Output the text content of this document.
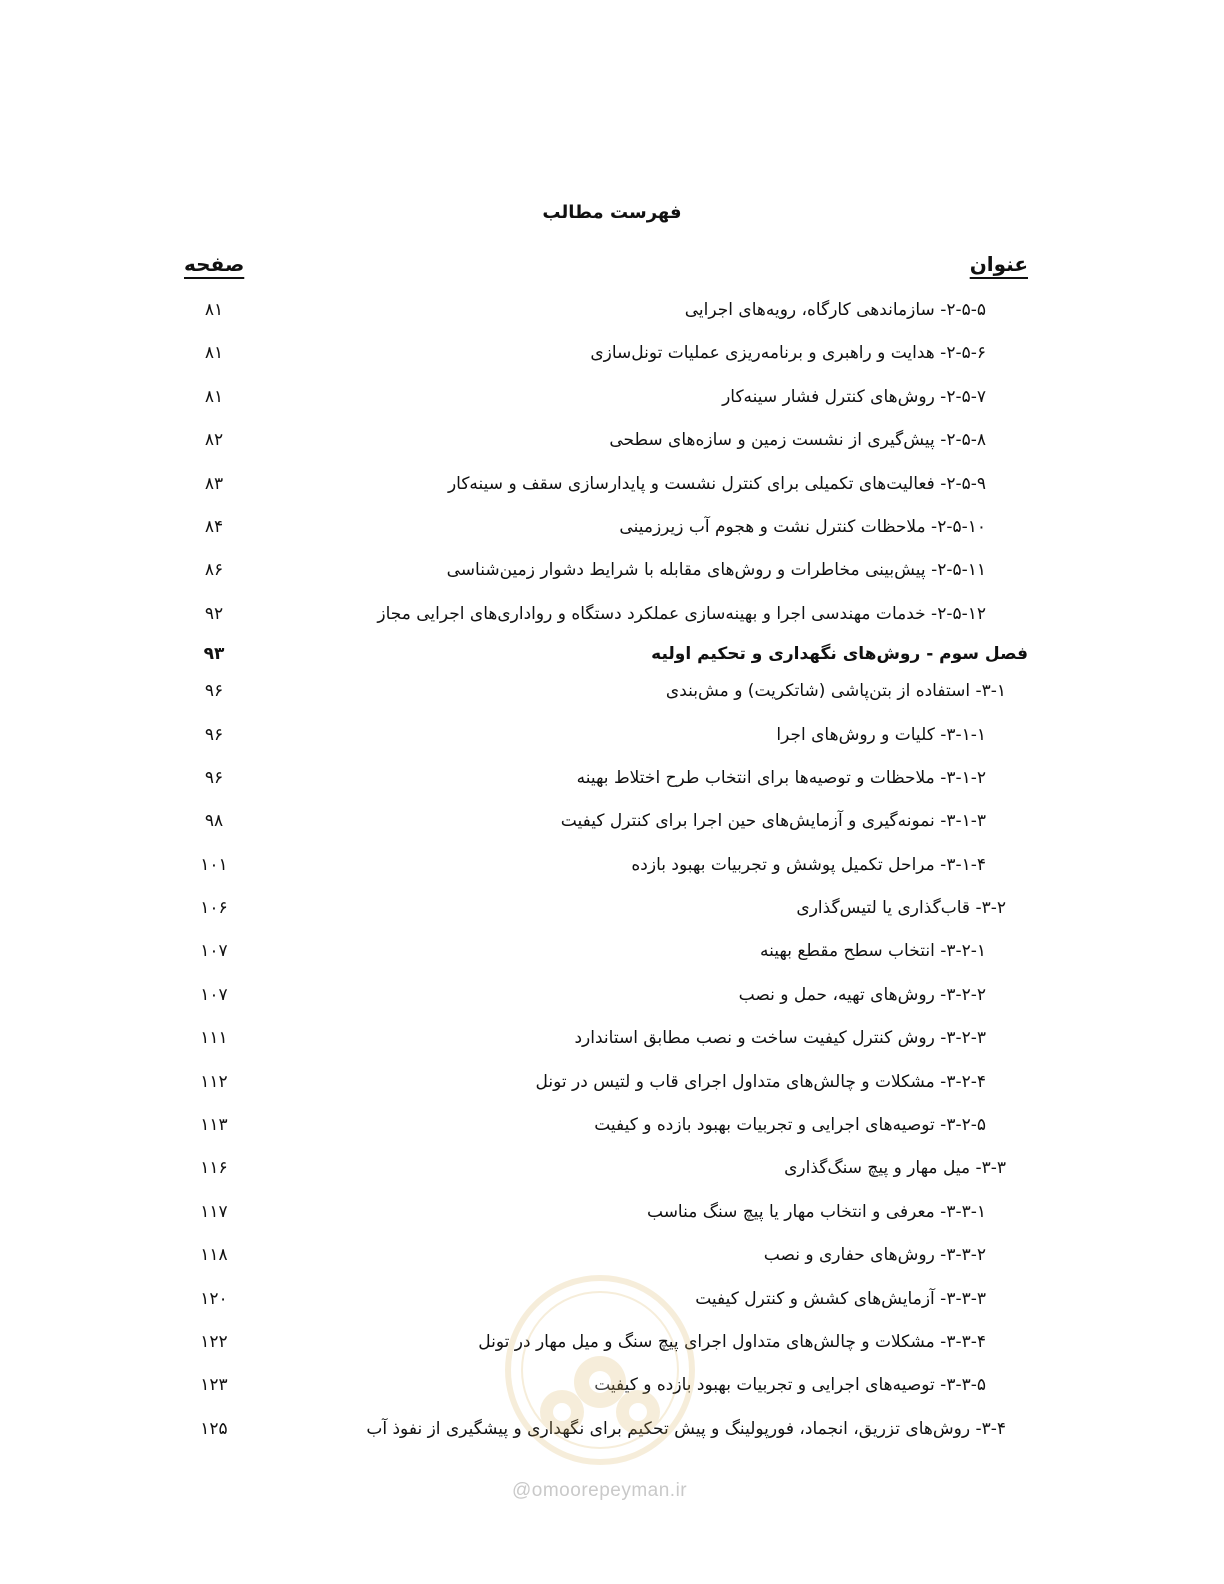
فهرست مطالب
عنوان
صفحه
۲-۵-۵- سازماندهی کارگاه، رویه‌های اجرایی
۸۱
۲-۵-۶- هدایت و راهبری و برنامه‌ریزی عملیات تونل‌سازی
۸۱
۲-۵-۷- روش‌های کنترل فشار سینه‌کار
۸۱
۲-۵-۸- پیش‌گیری از نشست زمین و سازه‌های سطحی
۸۲
۲-۵-۹- فعالیت‌های تکمیلی برای کنترل نشست و پایدارسازی سقف و سینه‌کار
۸۳
۲-۵-۱۰- ملاحظات کنترل نشت و هجوم آب زیرزمینی
۸۴
۲-۵-۱۱- پیش‌بینی مخاطرات و روش‌های مقابله با شرایط دشوار زمین‌شناسی
۸۶
۲-۵-۱۲- خدمات مهندسی اجرا و بهینه‌سازی عملکرد دستگاه و رواداری‌های اجرایی مجاز
۹۲
فصل سوم - روش‌های نگهداری و تحکیم اولیه
۹۳
۳-۱- استفاده از بتن‌پاشی (شاتکریت) و مش‌بندی
۹۶
۳-۱-۱- کلیات و روش‌های اجرا
۹۶
۳-۱-۲- ملاحظات و توصیه‌ها برای انتخاب طرح اختلاط بهینه
۹۶
۳-۱-۳- نمونه‌گیری و آزمایش‌های حین اجرا برای کنترل کیفیت
۹۸
۳-۱-۴- مراحل تکمیل پوشش و تجربیات بهبود بازده
۱۰۱
۳-۲- قاب‌گذاری یا لتیس‌گذاری
۱۰۶
۳-۲-۱- انتخاب سطح مقطع بهینه
۱۰۷
۳-۲-۲- روش‌های تهیه، حمل و نصب
۱۰۷
۳-۲-۳- روش کنترل کیفیت ساخت و نصب مطابق استاندارد
۱۱۱
۳-۲-۴- مشکلات و چالش‌های متداول اجرای قاب و لتیس در تونل
۱۱۲
۳-۲-۵- توصیه‌های اجرایی و تجربیات بهبود بازده و کیفیت
۱۱۳
۳-۳- میل مهار و پیچ سنگ‌گذاری
۱۱۶
۳-۳-۱- معرفی و انتخاب مهار یا پیچ سنگ مناسب
۱۱۷
۳-۳-۲- روش‌های حفاری و نصب
۱۱۸
۳-۳-۳- آزمایش‌های کشش و کنترل کیفیت
۱۲۰
۳-۳-۴- مشکلات و چالش‌های متداول اجرای پیچ سنگ و میل مهار در تونل
۱۲۲
۳-۳-۵- توصیه‌های اجرایی و تجربیات بهبود بازده و کیفیت
۱۲۳
۳-۴- روش‌های تزریق، انجماد، فورپولینگ و پیش تحکیم برای نگهداری و پیشگیری از نفوذ آب
۱۲۵
@omoorepeyman.ir
